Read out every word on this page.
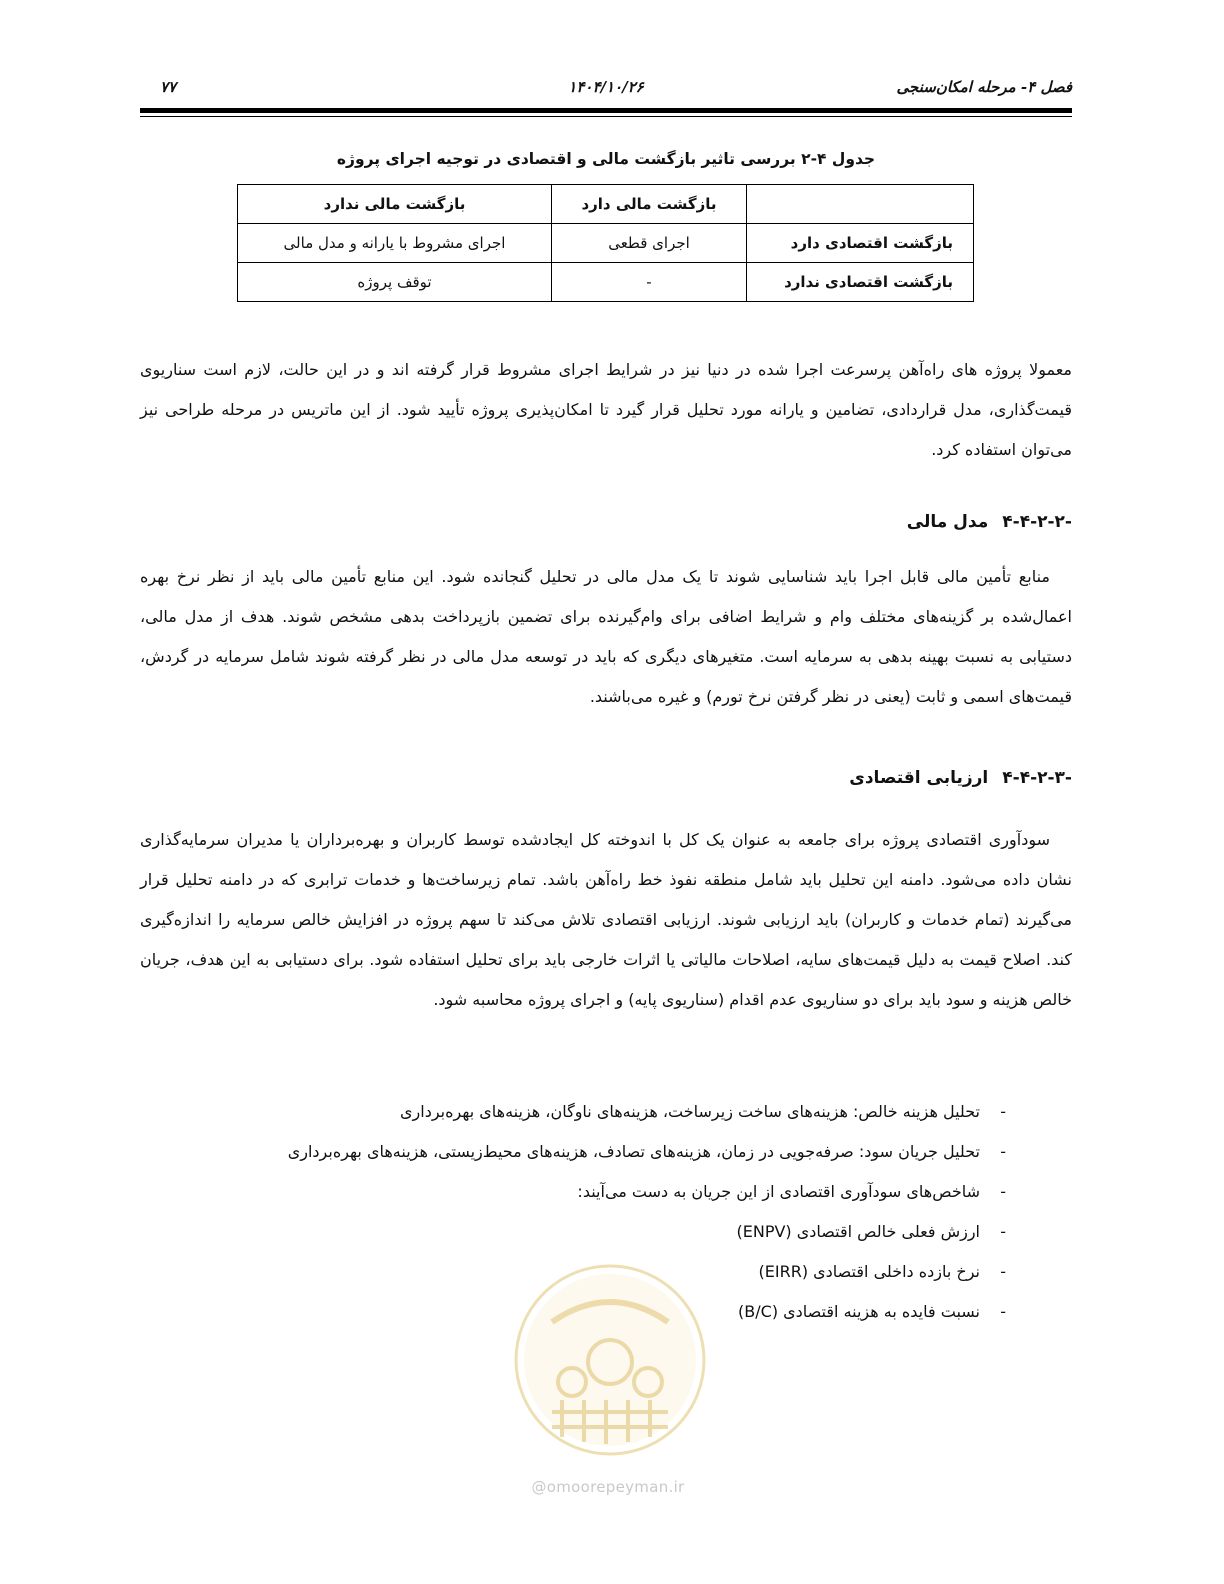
فصل ۴- مرحله امکان‌سنجی
۱۴۰۴/۱۰/۲۶
۷۷
جدول ۴-۲ بررسی تاثیر بازگشت مالی و اقتصادی در توجیه اجرای پروژه
	بازگشت مالی دارد	بازگشت مالی ندارد
بازگشت اقتصادی دارد	اجرای قطعی	اجرای مشروط با یارانه و مدل مالی
بازگشت اقتصادی ندارد	-	توقف پروژه
معمولا پروژه های راه‌آهن پرسرعت اجرا شده در دنیا نیز در شرایط اجرای مشروط قرار گرفته اند و در این حالت، لازم است سناریوی قیمت‌گذاری، مدل قراردادی، تضامین و یارانه مورد تحلیل قرار گیرد تا امکان‌پذیری پروژه تأیید شود. از این ماتریس در مرحله طراحی نیز می‌توان استفاده کرد.
۴-۴-۲-۲-مدل مالی
منابع تأمین مالی قابل اجرا باید شناسایی شوند تا یک مدل مالی در تحلیل گنجانده شود. این منابع تأمین مالی باید از نظر نرخ بهره اعمال‌شده بر گزینه‌های مختلف وام و شرایط اضافی برای وام‌گیرنده برای تضمین بازپرداخت بدهی مشخص شوند. هدف از مدل مالی، دستیابی به نسبت بهینه بدهی به سرمایه است. متغیرهای دیگری که باید در توسعه مدل مالی در نظر گرفته شوند شامل سرمایه در گردش، قیمت‌های اسمی و ثابت (یعنی در نظر گرفتن نرخ تورم) و غیره می‌باشند.
۴-۴-۲-۳-ارزیابی اقتصادی
سودآوری اقتصادی پروژه برای جامعه به عنوان یک کل با اندوخته کل ایجادشده توسط کاربران و بهره‌برداران یا مدیران سرمایه‌گذاری نشان داده می‌شود. دامنه این تحلیل باید شامل منطقه نفوذ خط راه‌آهن باشد. تمام زیرساخت‌ها و خدمات ترابری که در دامنه تحلیل قرار می‌گیرند (تمام خدمات و کاربران) باید ارزیابی شوند. ارزیابی اقتصادی تلاش می‌کند تا سهم پروژه در افزایش خالص سرمایه را اندازه‌گیری کند. اصلاح قیمت به دلیل قیمت‌های سایه، اصلاحات مالیاتی یا اثرات خارجی باید برای تحلیل استفاده شود. برای دستیابی به این هدف، جریان خالص هزینه و سود باید برای دو سناریوی عدم اقدام (سناریوی پایه) و اجرای پروژه محاسبه شود.
-
تحلیل هزینه خالص: هزینه‌های ساخت زیرساخت، هزینه‌های ناوگان، هزینه‌های بهره‌برداری
-
تحلیل جریان سود: صرفه‌جویی در زمان، هزینه‌های تصادف، هزینه‌های محیط‌زیستی، هزینه‌های بهره‌برداری
-
شاخص‌های سودآوری اقتصادی از این جریان به دست می‌آیند:
-
ارزش فعلی خالص اقتصادی (ENPV)
-
نرخ بازده داخلی اقتصادی (EIRR)
-
نسبت فایده به هزینه اقتصادی (B/C)
@omoorepeyman.ir
